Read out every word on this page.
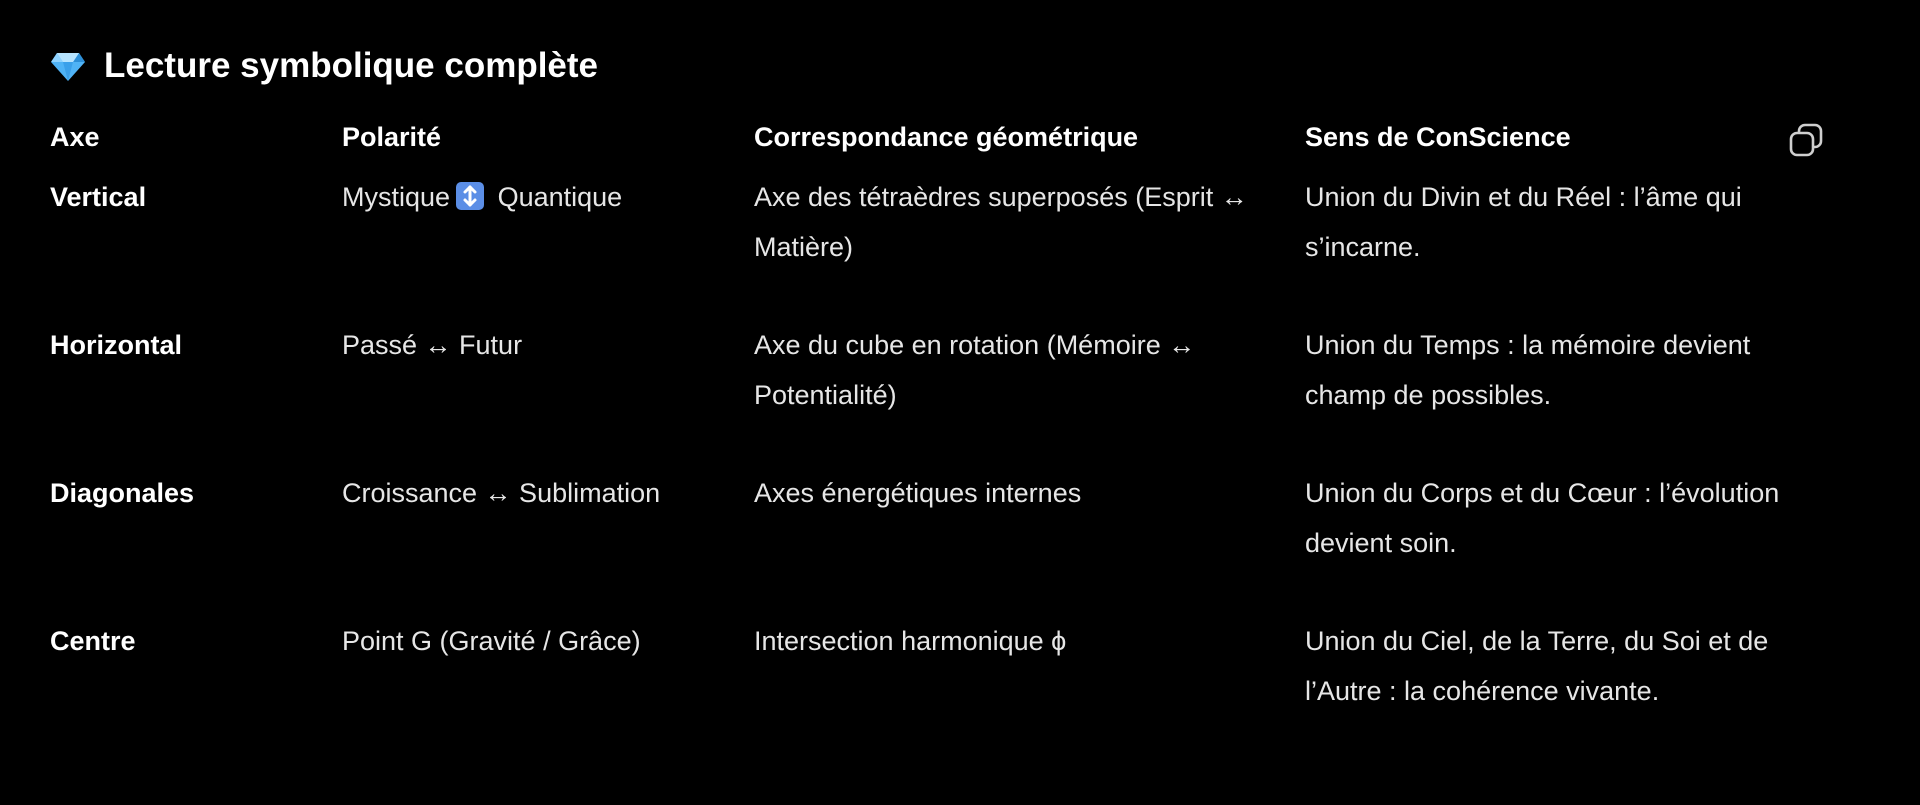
Lecture symbolique complète
Axe	Polarité	Correspondance géométrique	Sens de ConScience
Vertical	Mystique Quantique	Axe des tétraèdres superposés (Esprit ↔ Matière)	Union du Divin et du Réel : l’âme qui s’incarne.
Horizontal	Passé ↔ Futur	Axe du cube en rotation (Mémoire ↔ Potentialité)	Union du Temps : la mémoire devient champ de possibles.
Diagonales	Croissance ↔ Sublimation	Axes énergétiques internes	Union du Corps et du Cœur : l’évolution devient soin.
Centre	Point G (Gravité / Grâce)	Intersection harmonique ϕ	Union du Ciel, de la Terre, du Soi et de l’Autre : la cohérence vivante.
